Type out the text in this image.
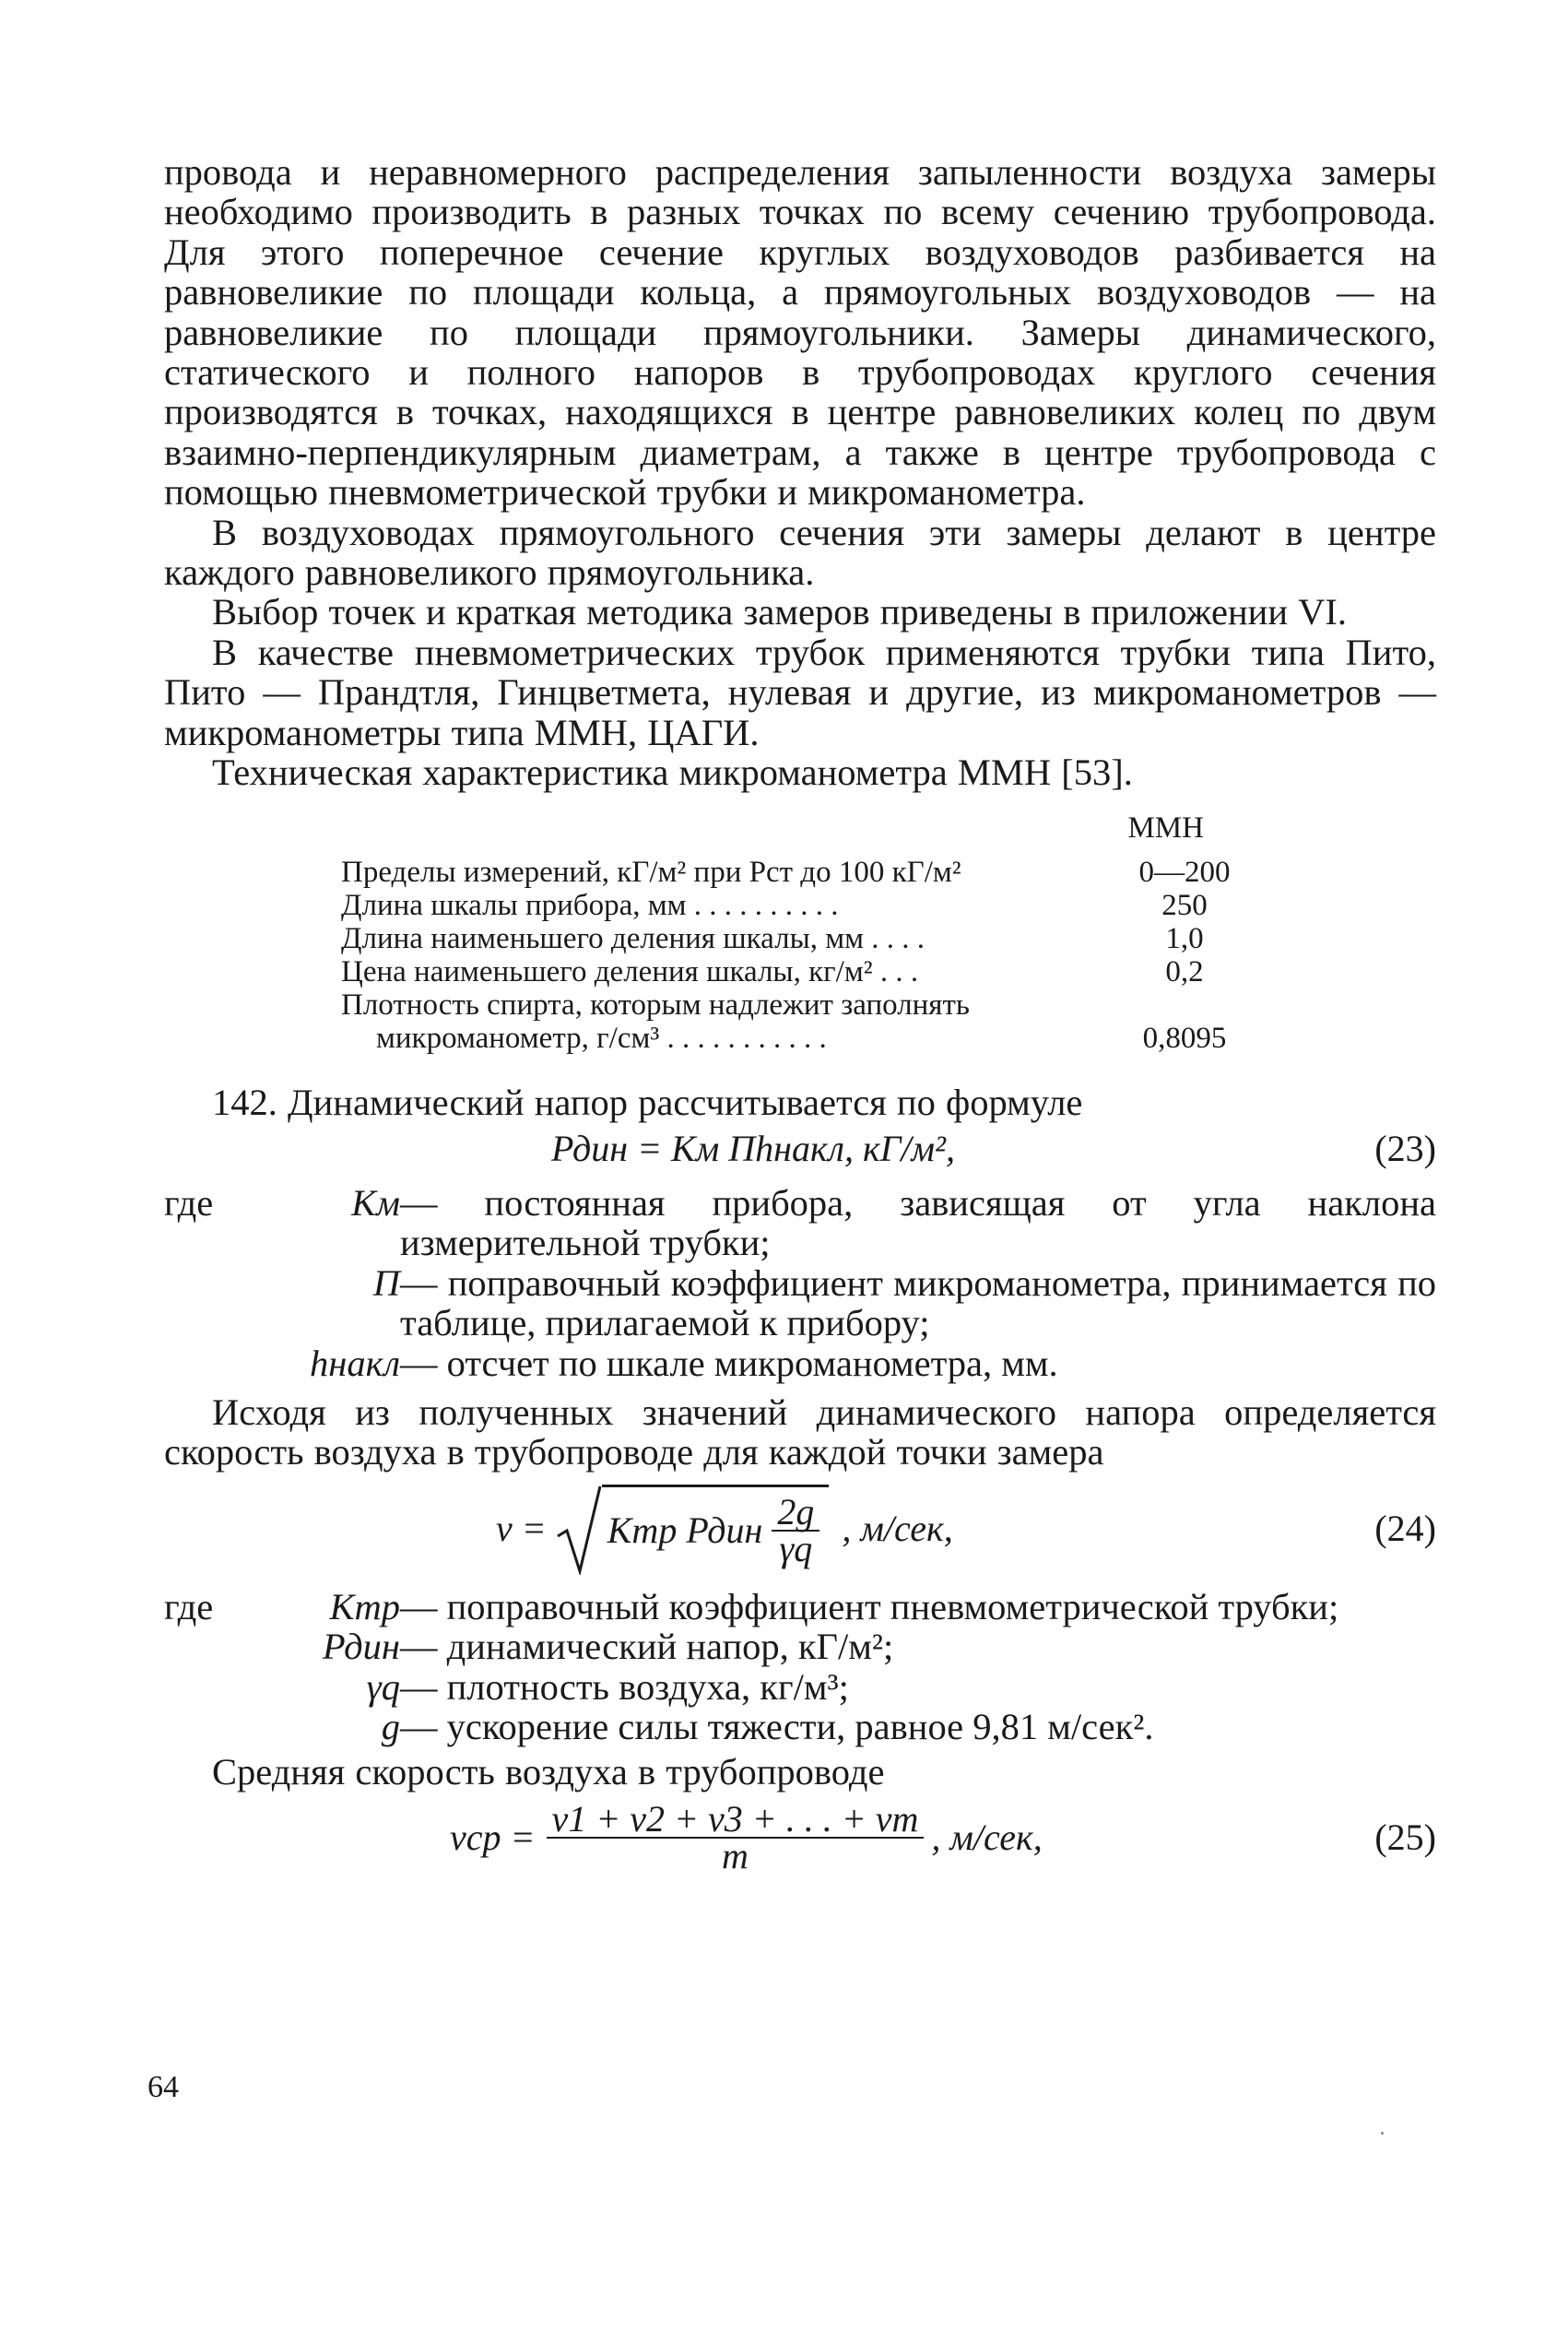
провода и неравномерного распределения запыленности воздуха замеры необходимо производить в разных точках по всему сечению трубопровода. Для этого поперечное сечение круглых воздуховодов разбивается на равновеликие по площади кольца, а прямоугольных воздуховодов — на равновеликие по площади прямоугольники. Замеры динамического, статического и полного напоров в трубопроводах круглого сечения производятся в точках, находящихся в центре равновеликих колец по двум взаимно-перпендикулярным диаметрам, а также в центре трубопровода с помощью пневмометрической трубки и микроманометра.

В воздуховодах прямоугольного сечения эти замеры делают в центре каждого равновеликого прямоугольника.

Выбор точек и краткая методика замеров приведены в приложении VI.

В качестве пневмометрических трубок применяются трубки типа Пито, Пито — Прандтля, Гинцветмета, нулевая и другие, из микроманометров — микроманометры типа ММН, ЦАГИ.

Техническая характеристика микроманометра ММН [53].

ММН
Пределы измерений, кГ/м² при Рст до 100 кГ/м²	0—200
Длина шкалы прибора, мм . . . . . . . . . .	250
Длина наименьшего деления шкалы, мм . . . .	1,0
Цена наименьшего деления шкалы, кг/м² . . .	0,2
Плотность спирта, которым надлежит заполнять
микроманометр, г/см³ . . . . . . . . . . .	0,8095

142. Динамический напор рассчитывается по формуле

Рдин = Kм Пhнакл, кГ/м²,	(23)
где	Kм — постоянная прибора, зависящая от угла наклона измерительной трубки;
П — поправочный коэффициент микроманометра, принимается по таблице, прилагаемой к прибору;
hнакл — отсчет по шкале микроманометра, мм.

Исходя из полученных значений динамического напора определяется скорость воздуха в трубопроводе для каждой точки замера

v = Kтр Рдин $\frac{2g}{\gamma q}$ , м/сек,	(24)
где	Kтр — поправочный коэффициент пневмометрической трубки;
Рдин — динамический напор, кГ/м²;
γq — плотность воздуха, кг/м³;
g — ускорение силы тяжести, равное 9,81 м/сек².

Средняя скорость воздуха в трубопроводе

vср = $\frac{v1 + v2 + v3 + . . . + vm}{m}$ , м/сек,	(25)
64
